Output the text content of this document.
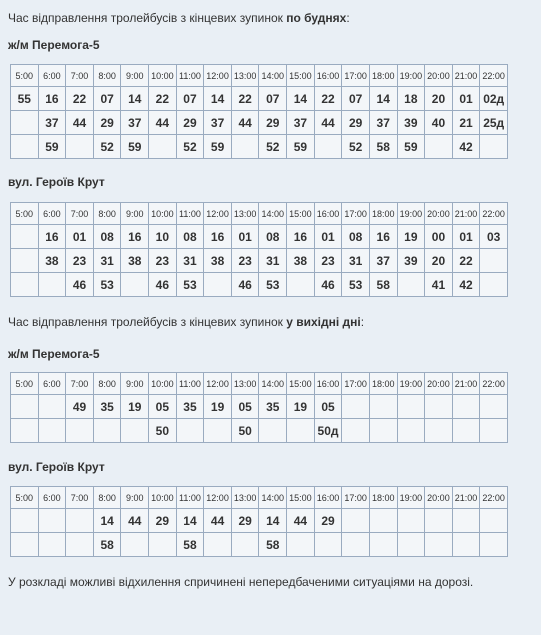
Час відправлення тролейбусів з кінцевих зупинок по буднях:

ж/м Перемога-5
5:00	6:00	7:00	8:00	9:00	10:00	11:00	12:00	13:00	14:00	15:00	16:00	17:00	18:00	19:00	20:00	21:00	22:00
55	16	22	07	14	22	07	14	22	07	14	22	07	14	18	20	01	02д
	37	44	29	37	44	29	37	44	29	37	44	29	37	39	40	21	25д
	59		52	59		52	59		52	59		52	58	59		42	
вул. Героїв Крут
5:00	6:00	7:00	8:00	9:00	10:00	11:00	12:00	13:00	14:00	15:00	16:00	17:00	18:00	19:00	20:00	21:00	22:00
	16	01	08	16	10	08	16	01	08	16	01	08	16	19	00	01	03
	38	23	31	38	23	31	38	23	31	38	23	31	37	39	20	22	
		46	53		46	53		46	53		46	53	58		41	42	

Час відправлення тролейбусів з кінцевих зупинок у вихідні дні:

ж/м Перемога-5
5:00	6:00	7:00	8:00	9:00	10:00	11:00	12:00	13:00	14:00	15:00	16:00	17:00	18:00	19:00	20:00	21:00	22:00
		49	35	19	05	35	19	05	35	19	05						
					50			50			50д						
вул. Героїв Крут
5:00	6:00	7:00	8:00	9:00	10:00	11:00	12:00	13:00	14:00	15:00	16:00	17:00	18:00	19:00	20:00	21:00	22:00
			14	44	29	14	44	29	14	44	29						
			58			58			58								

У розкладі можливі відхилення спричинені непередбаченими ситуаціями на дорозі.
